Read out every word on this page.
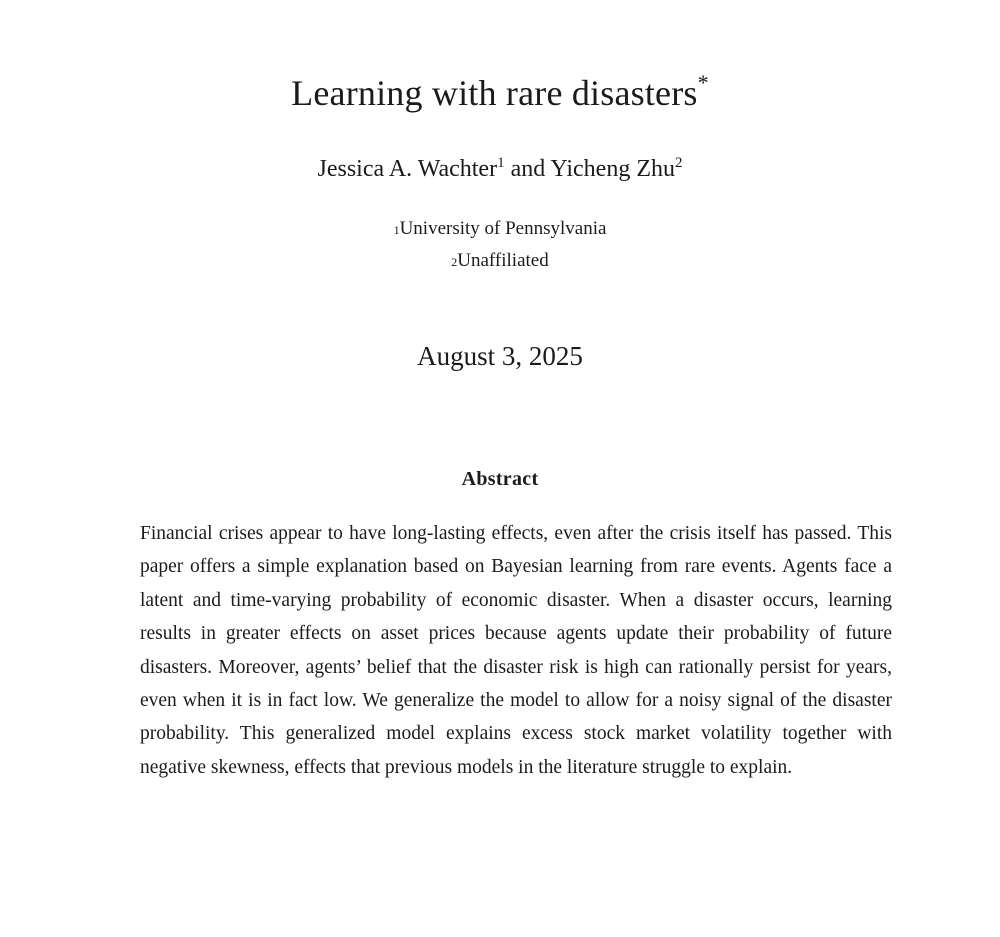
Learning with rare disasters*
Jessica A. Wachter$^1$ and Yicheng Zhu$^2$
$^1$University of Pennsylvania
$^2$Unaffiliated
August 3, 2025
Abstract

Financial crises appear to have long-lasting effects, even after the crisis itself has passed. This paper offers a simple explanation based on Bayesian learning from rare events. Agents face a latent and time-varying probability of economic disaster. When a disaster occurs, learning results in greater effects on asset prices because agents update their probability of future disasters. Moreover, agents’ belief that the disaster risk is high can rationally persist for years, even when it is in fact low. We generalize the model to allow for a noisy signal of the disaster probability. This generalized model explains excess stock market volatility together with negative skewness, effects that previous models in the literature struggle to explain.
